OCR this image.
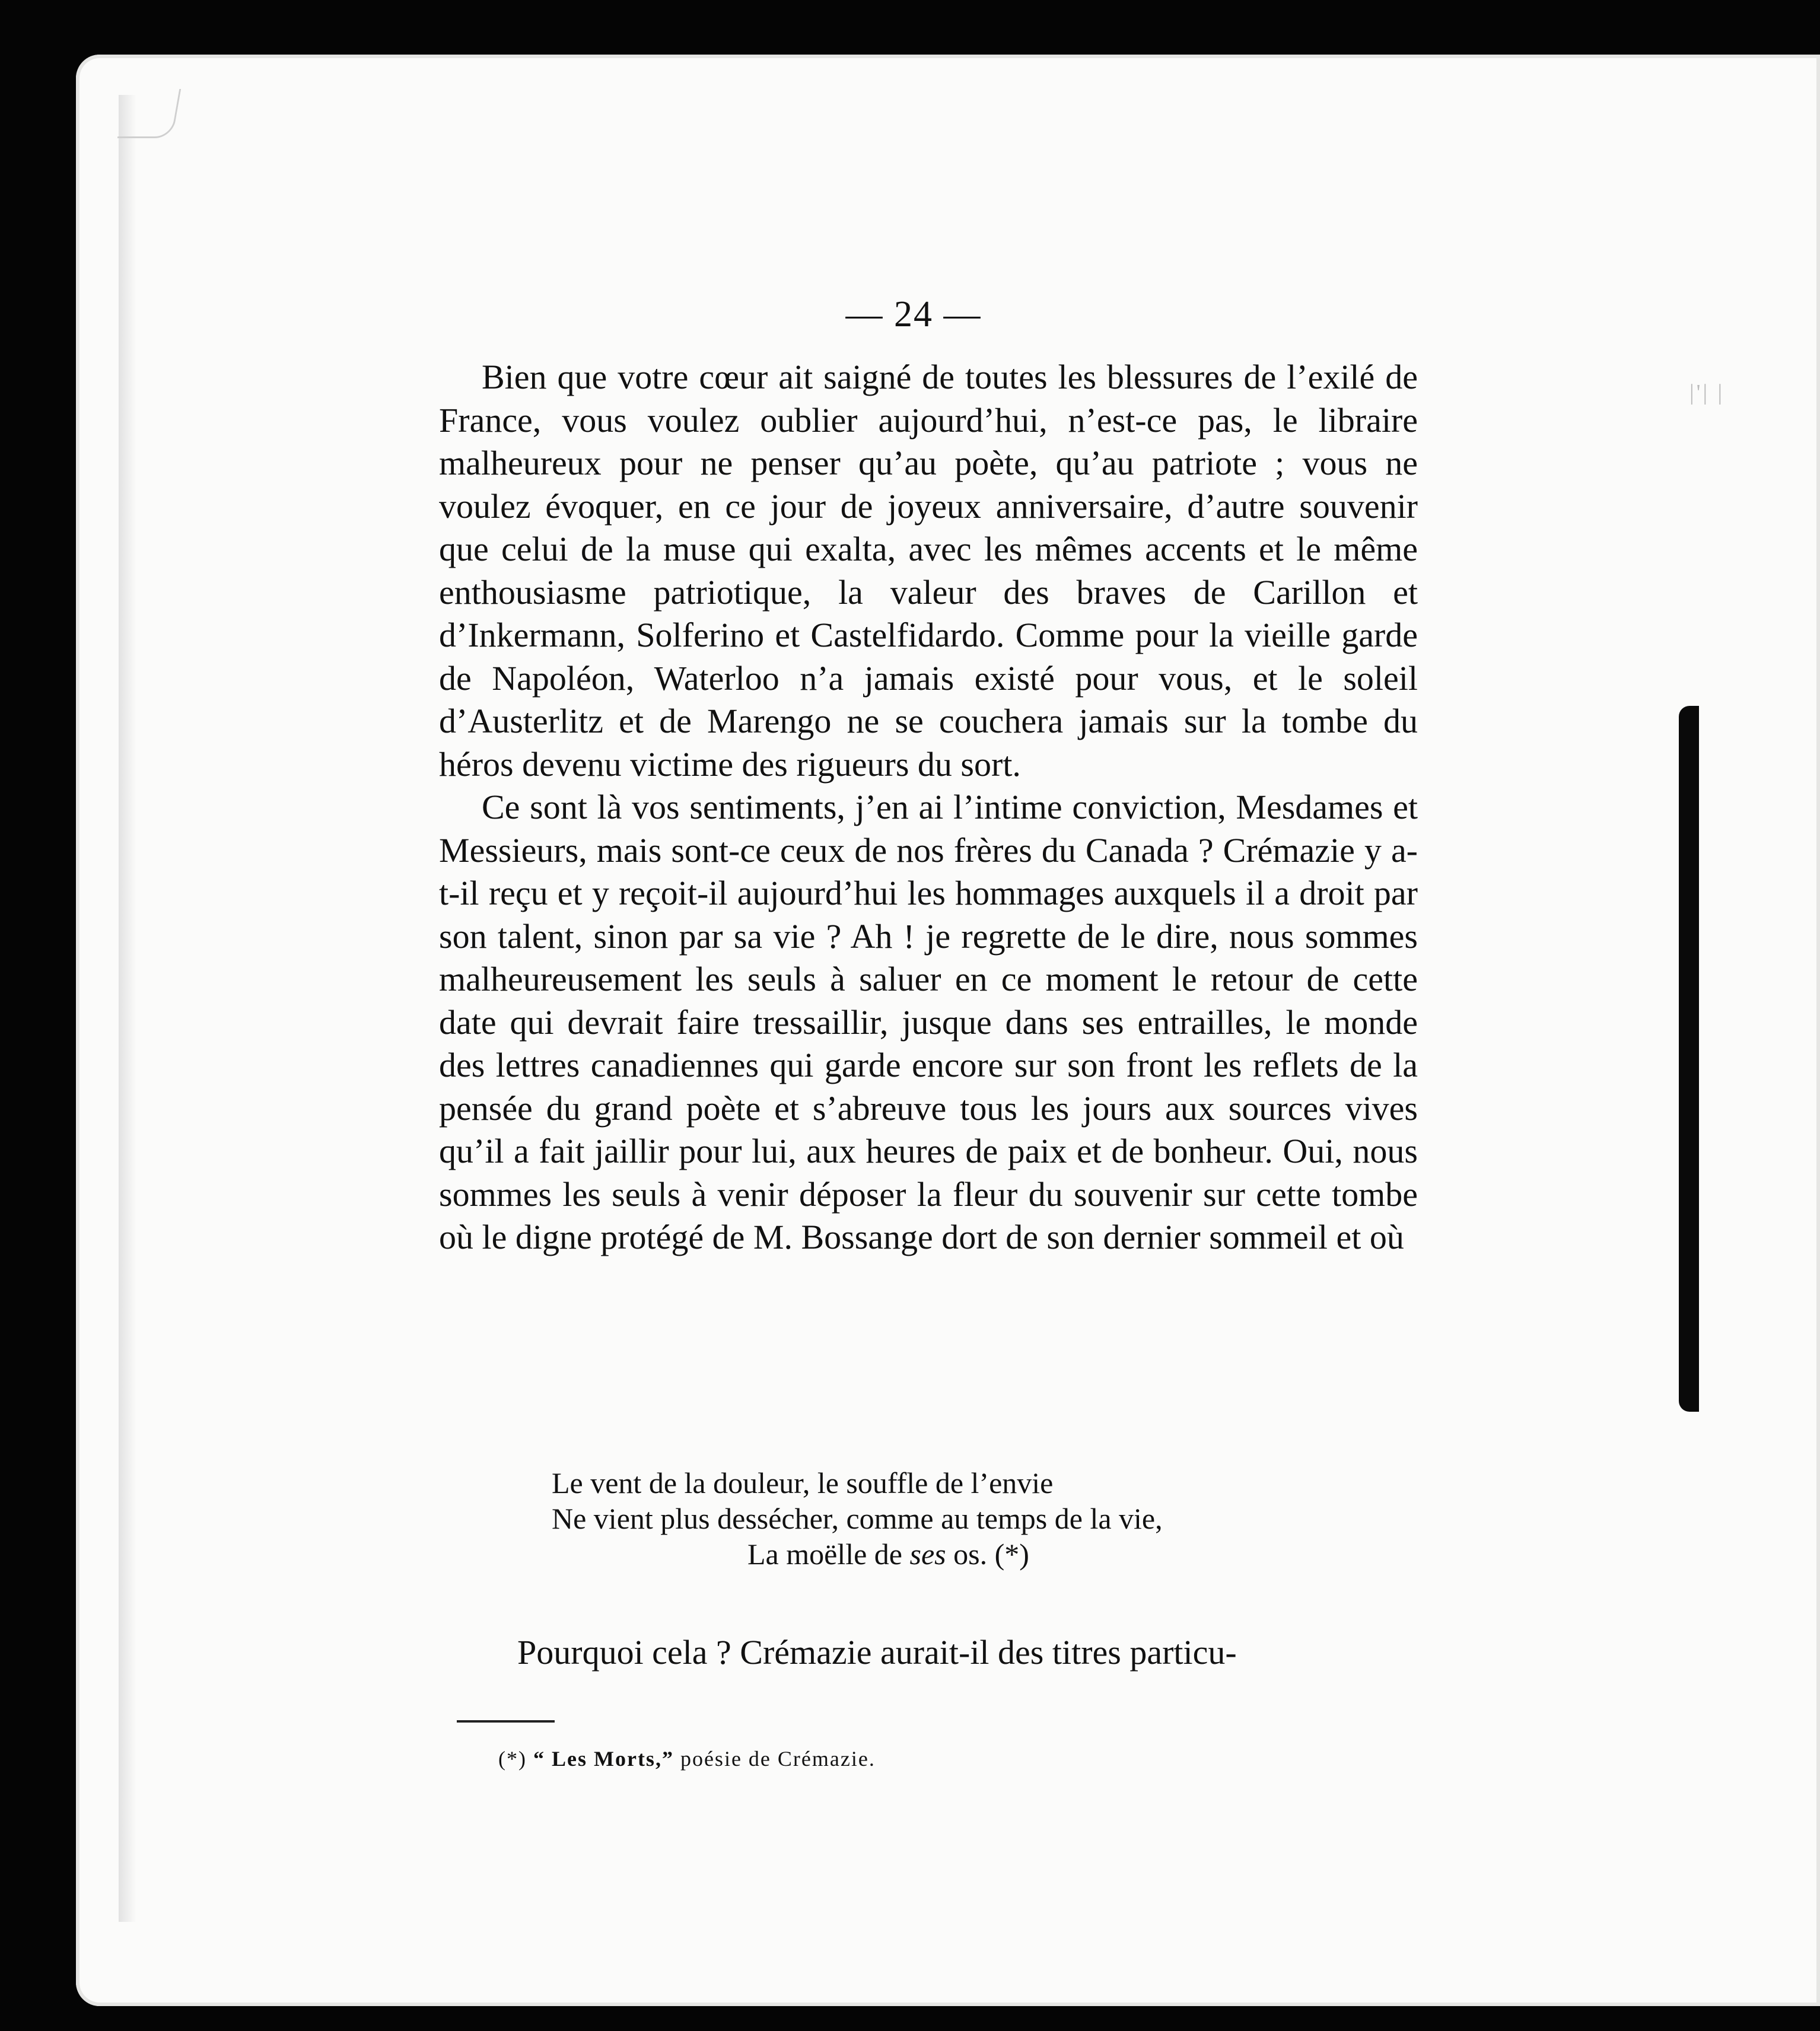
|'| |
— 24 —

Bien que votre cœur ait saigné de toutes les blessures de l’exilé de France, vous voulez oublier aujourd’hui, n’est-ce pas, le libraire malheureux pour ne penser qu’au poète, qu’au patriote ; vous ne voulez évoquer, en ce jour de joyeux anniversaire, d’autre souvenir que celui de la muse qui exalta, avec les mêmes accents et le même enthousiasme patriotique, la valeur des braves de Carillon et d’Inkermann, Solferino et Castelfidardo. Comme pour la vieille garde de Napoléon, Waterloo n’a jamais existé pour vous, et le soleil d’Austerlitz et de Marengo ne se couchera jamais sur la tombe du héros devenu victime des rigueurs du sort.

Ce sont là vos sentiments, j’en ai l’intime conviction, Mesdames et Messieurs, mais sont-ce ceux de nos frères du Canada ? Crémazie y a-t-il reçu et y reçoit-il aujourd’hui les hommages auxquels il a droit par son talent, sinon par sa vie ? Ah ! je regrette de le dire, nous sommes malheureusement les seuls à saluer en ce moment le retour de cette date qui devrait faire tressaillir, jusque dans ses entrailles, le monde des lettres canadiennes qui garde encore sur son front les reflets de la pensée du grand poète et s’abreuve tous les jours aux sources vives qu’il a fait jaillir pour lui, aux heures de paix et de bonheur. Oui, nous sommes les seuls à venir déposer la fleur du souvenir sur cette tombe où le digne protégé de M. Bossange dort de son dernier sommeil et où

Le vent de la douleur, le souffle de l’envie
Ne vient plus dessécher, comme au temps de la vie,
La moëlle de ses os. (*)
Pourquoi cela ? Crémazie aurait-il des titres particu-
(*) “ Les Morts,” poésie de Crémazie.
